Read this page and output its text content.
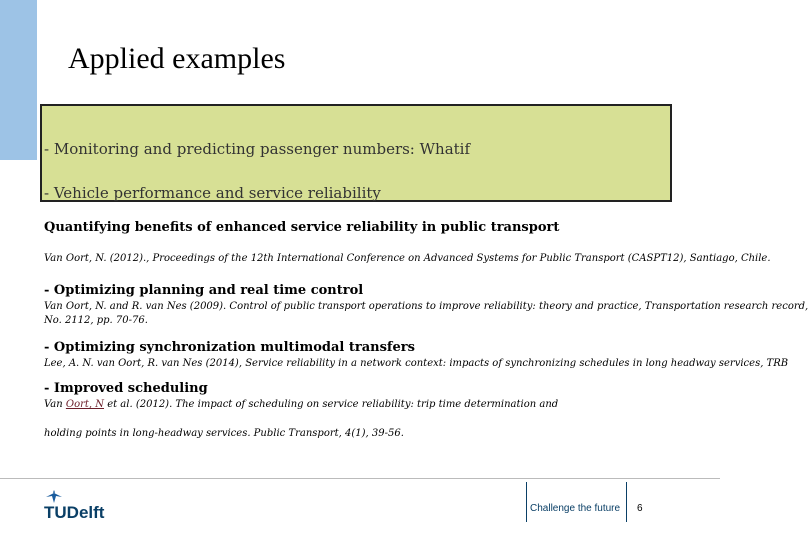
Applied examples
- Monitoring and predicting passenger numbers: Whatif
- Vehicle performance and service reliability
Quantifying benefits of enhanced service reliability in public transport
Van Oort, N. (2012)., Proceedings of the 12th International Conference on Advanced Systems for Public Transport (CASPT12), Santiago, Chile.
- Optimizing planning and real time control
Van Oort, N. and R. van Nes (2009). Control of public transport operations to improve reliability: theory and practice, Transportation research record,
No. 2112, pp. 70-76.
- Optimizing synchronization multimodal transfers
Lee, A. N. van Oort, R. van Nes (2014), Service reliability in a network context: impacts of synchronizing schedules in long headway services, TRB
- Improved scheduling
Van Oort, N et al. (2012). The impact of scheduling on service reliability: trip time determination and
holding points in long-headway services. Public Transport, 4(1), 39-56.
TUDelft	Challenge the future 6
